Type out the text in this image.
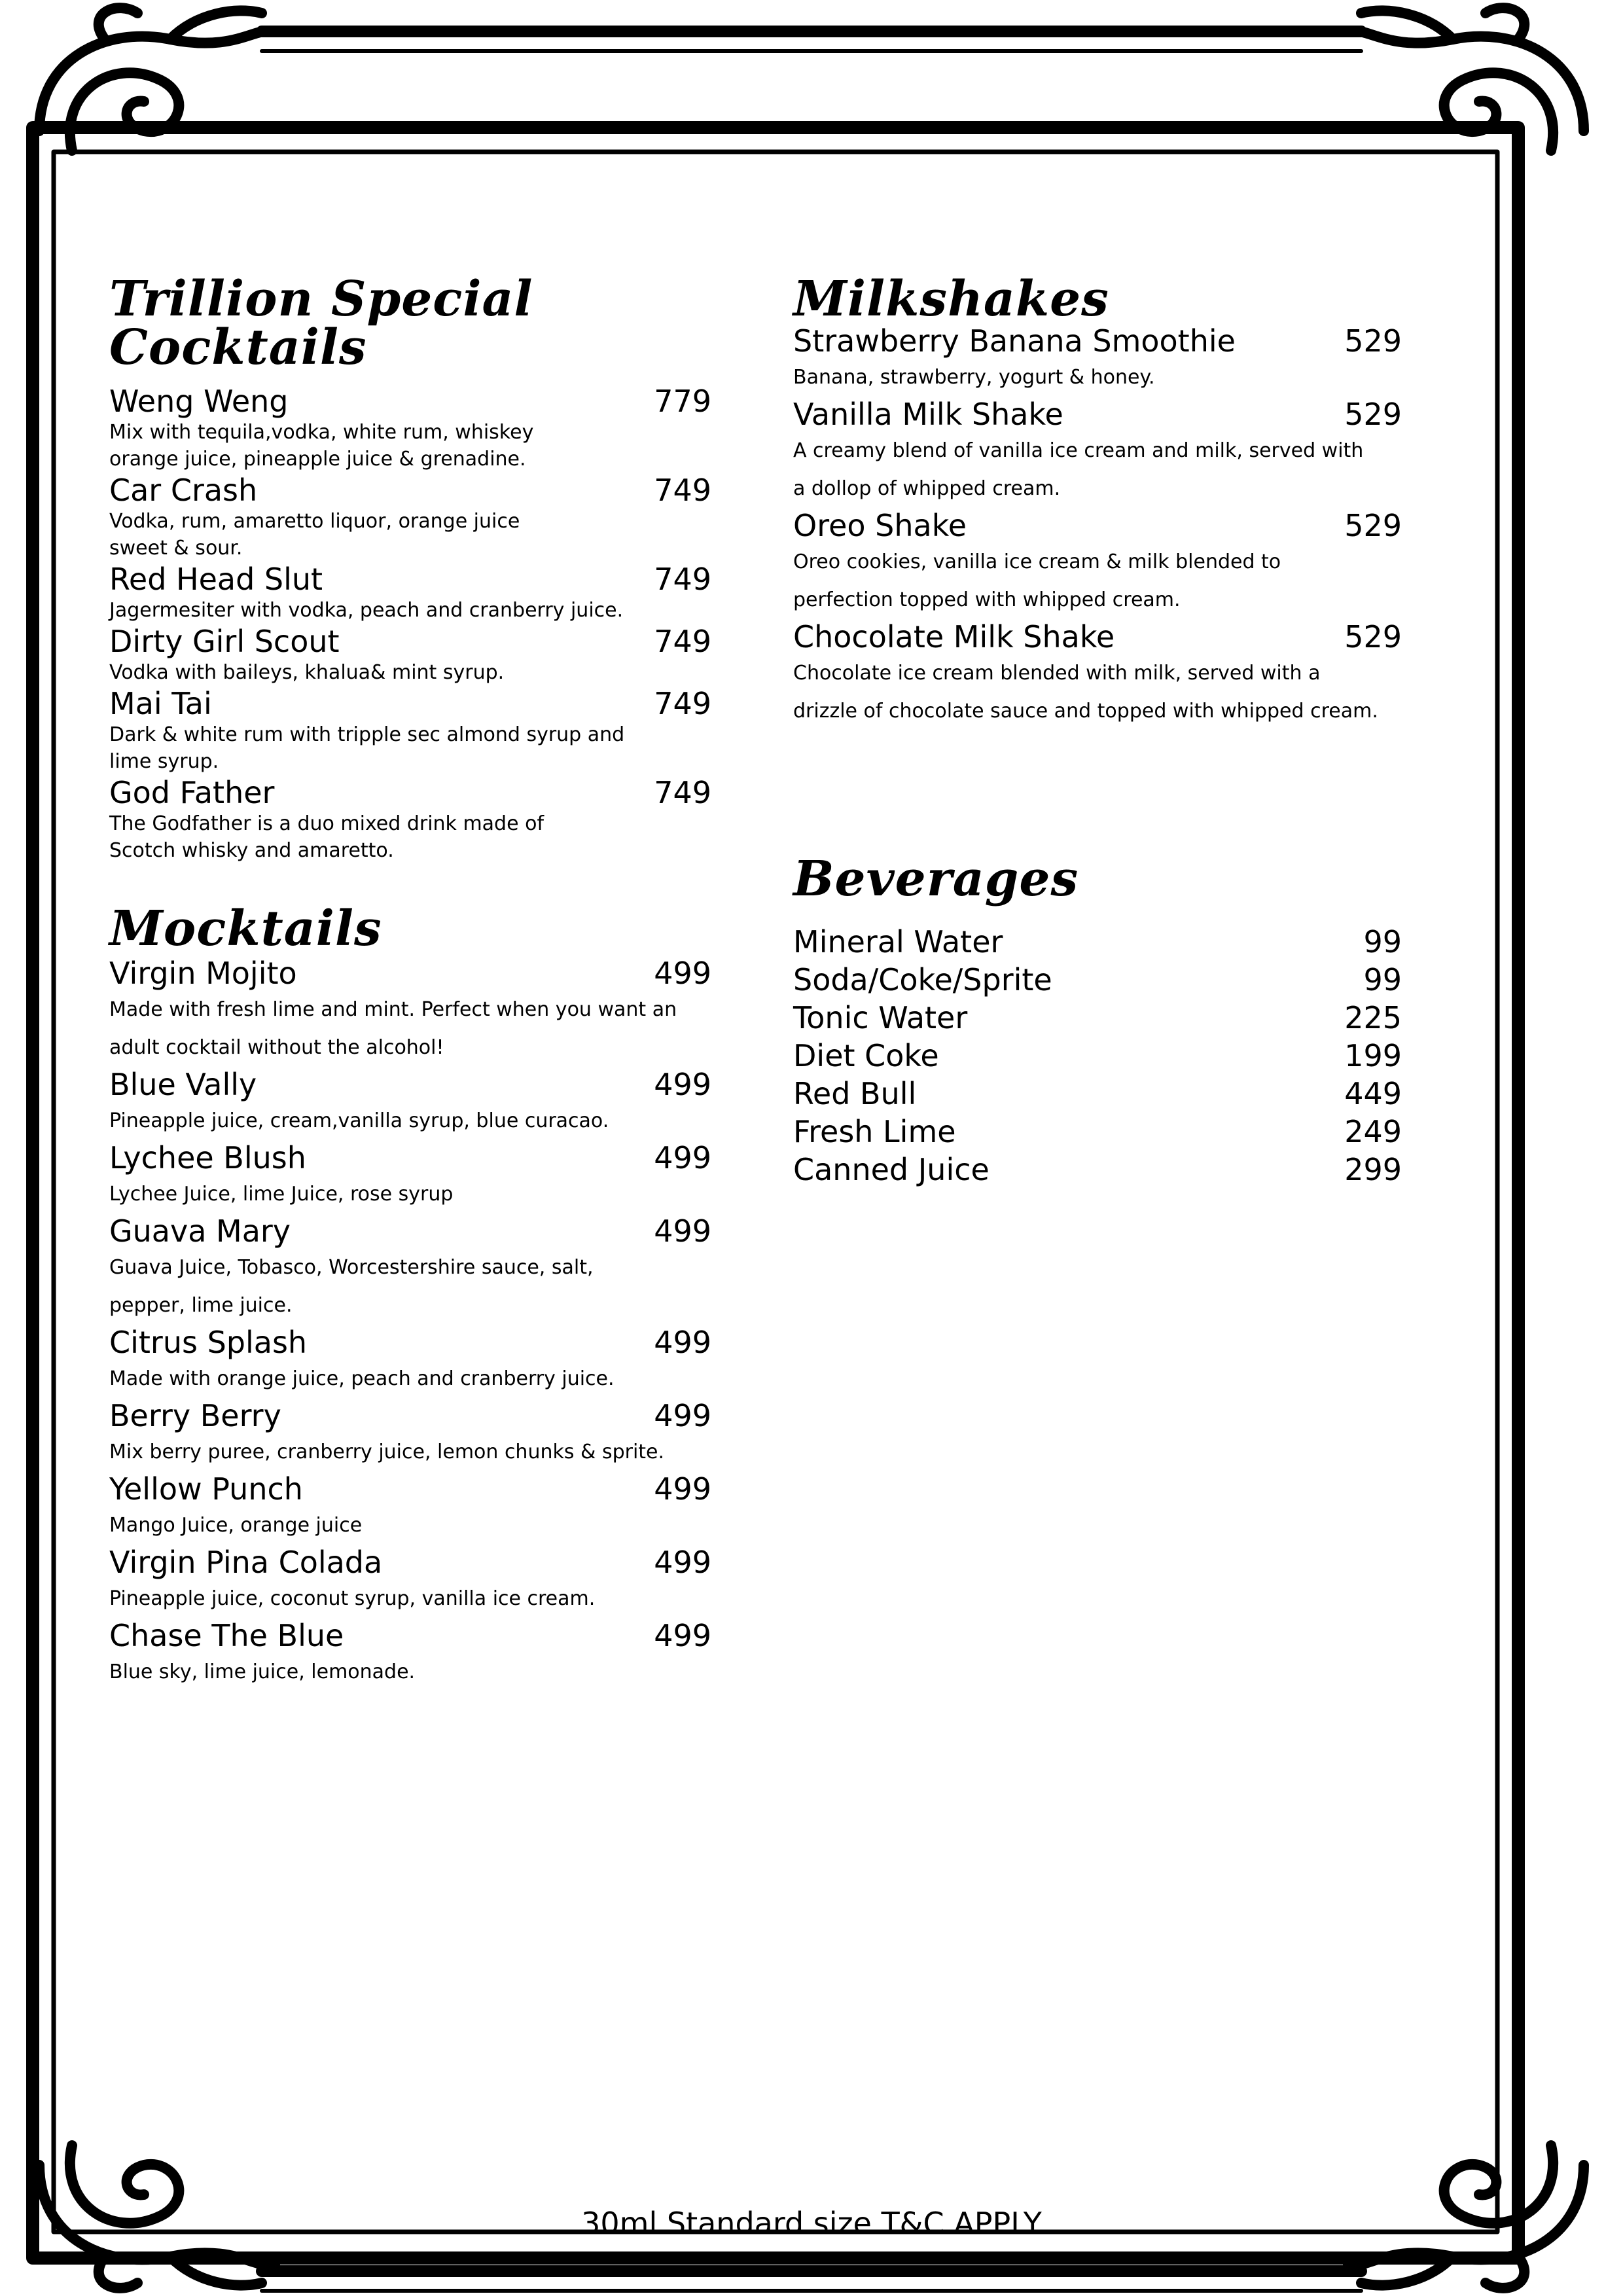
Trillion Special Cocktails
Weng Weng	779
Mix with tequila,vodka, white rum, whiskey
orange juice, pineapple juice & grenadine.
Car Crash	749
Vodka, rum, amaretto liquor, orange juice
sweet & sour.
Red Head Slut	749
Jagermesiter with vodka, peach and cranberry juice.
Dirty Girl Scout	749
Vodka with baileys, khalua& mint syrup.
Mai Tai	749
Dark & white rum with tripple sec almond syrup and
lime syrup.
God Father	749
The Godfather is a duo mixed drink made of
Scotch whisky and amaretto.
Mocktails
Virgin Mojito	499
Made with fresh lime and mint. Perfect when you want an
adult cocktail without the alcohol!
Blue Vally	499
Pineapple juice, cream,vanilla syrup, blue curacao.
Lychee Blush	499
Lychee Juice, lime Juice, rose syrup
Guava Mary	499
Guava Juice, Tobasco, Worcestershire sauce, salt,
pepper, lime juice.
Citrus Splash	499
Made with orange juice, peach and cranberry juice.
Berry Berry	499
Mix berry puree, cranberry juice, lemon chunks & sprite.
Yellow Punch	499
Mango Juice, orange juice
Virgin Pina Colada	499
Pineapple juice, coconut syrup, vanilla ice cream.
Chase The Blue	499
Blue sky, lime juice, lemonade.
Milkshakes
Strawberry Banana Smoothie	529
Banana, strawberry, yogurt & honey.
Vanilla Milk Shake	529
A creamy blend of vanilla ice cream and milk, served with
a dollop of whipped cream.
Oreo Shake	529
Oreo cookies, vanilla ice cream & milk blended to
perfection topped with whipped cream.
Chocolate Milk Shake	529
Chocolate ice cream blended with milk, served with a
drizzle of chocolate sauce and topped with whipped cream.
Beverages
Mineral Water	99
Soda/Coke/Sprite	99
Tonic Water	225
Diet Coke	199
Red Bull	449
Fresh Lime	249
Canned Juice	299
30ml Standard size T&C APPLY
